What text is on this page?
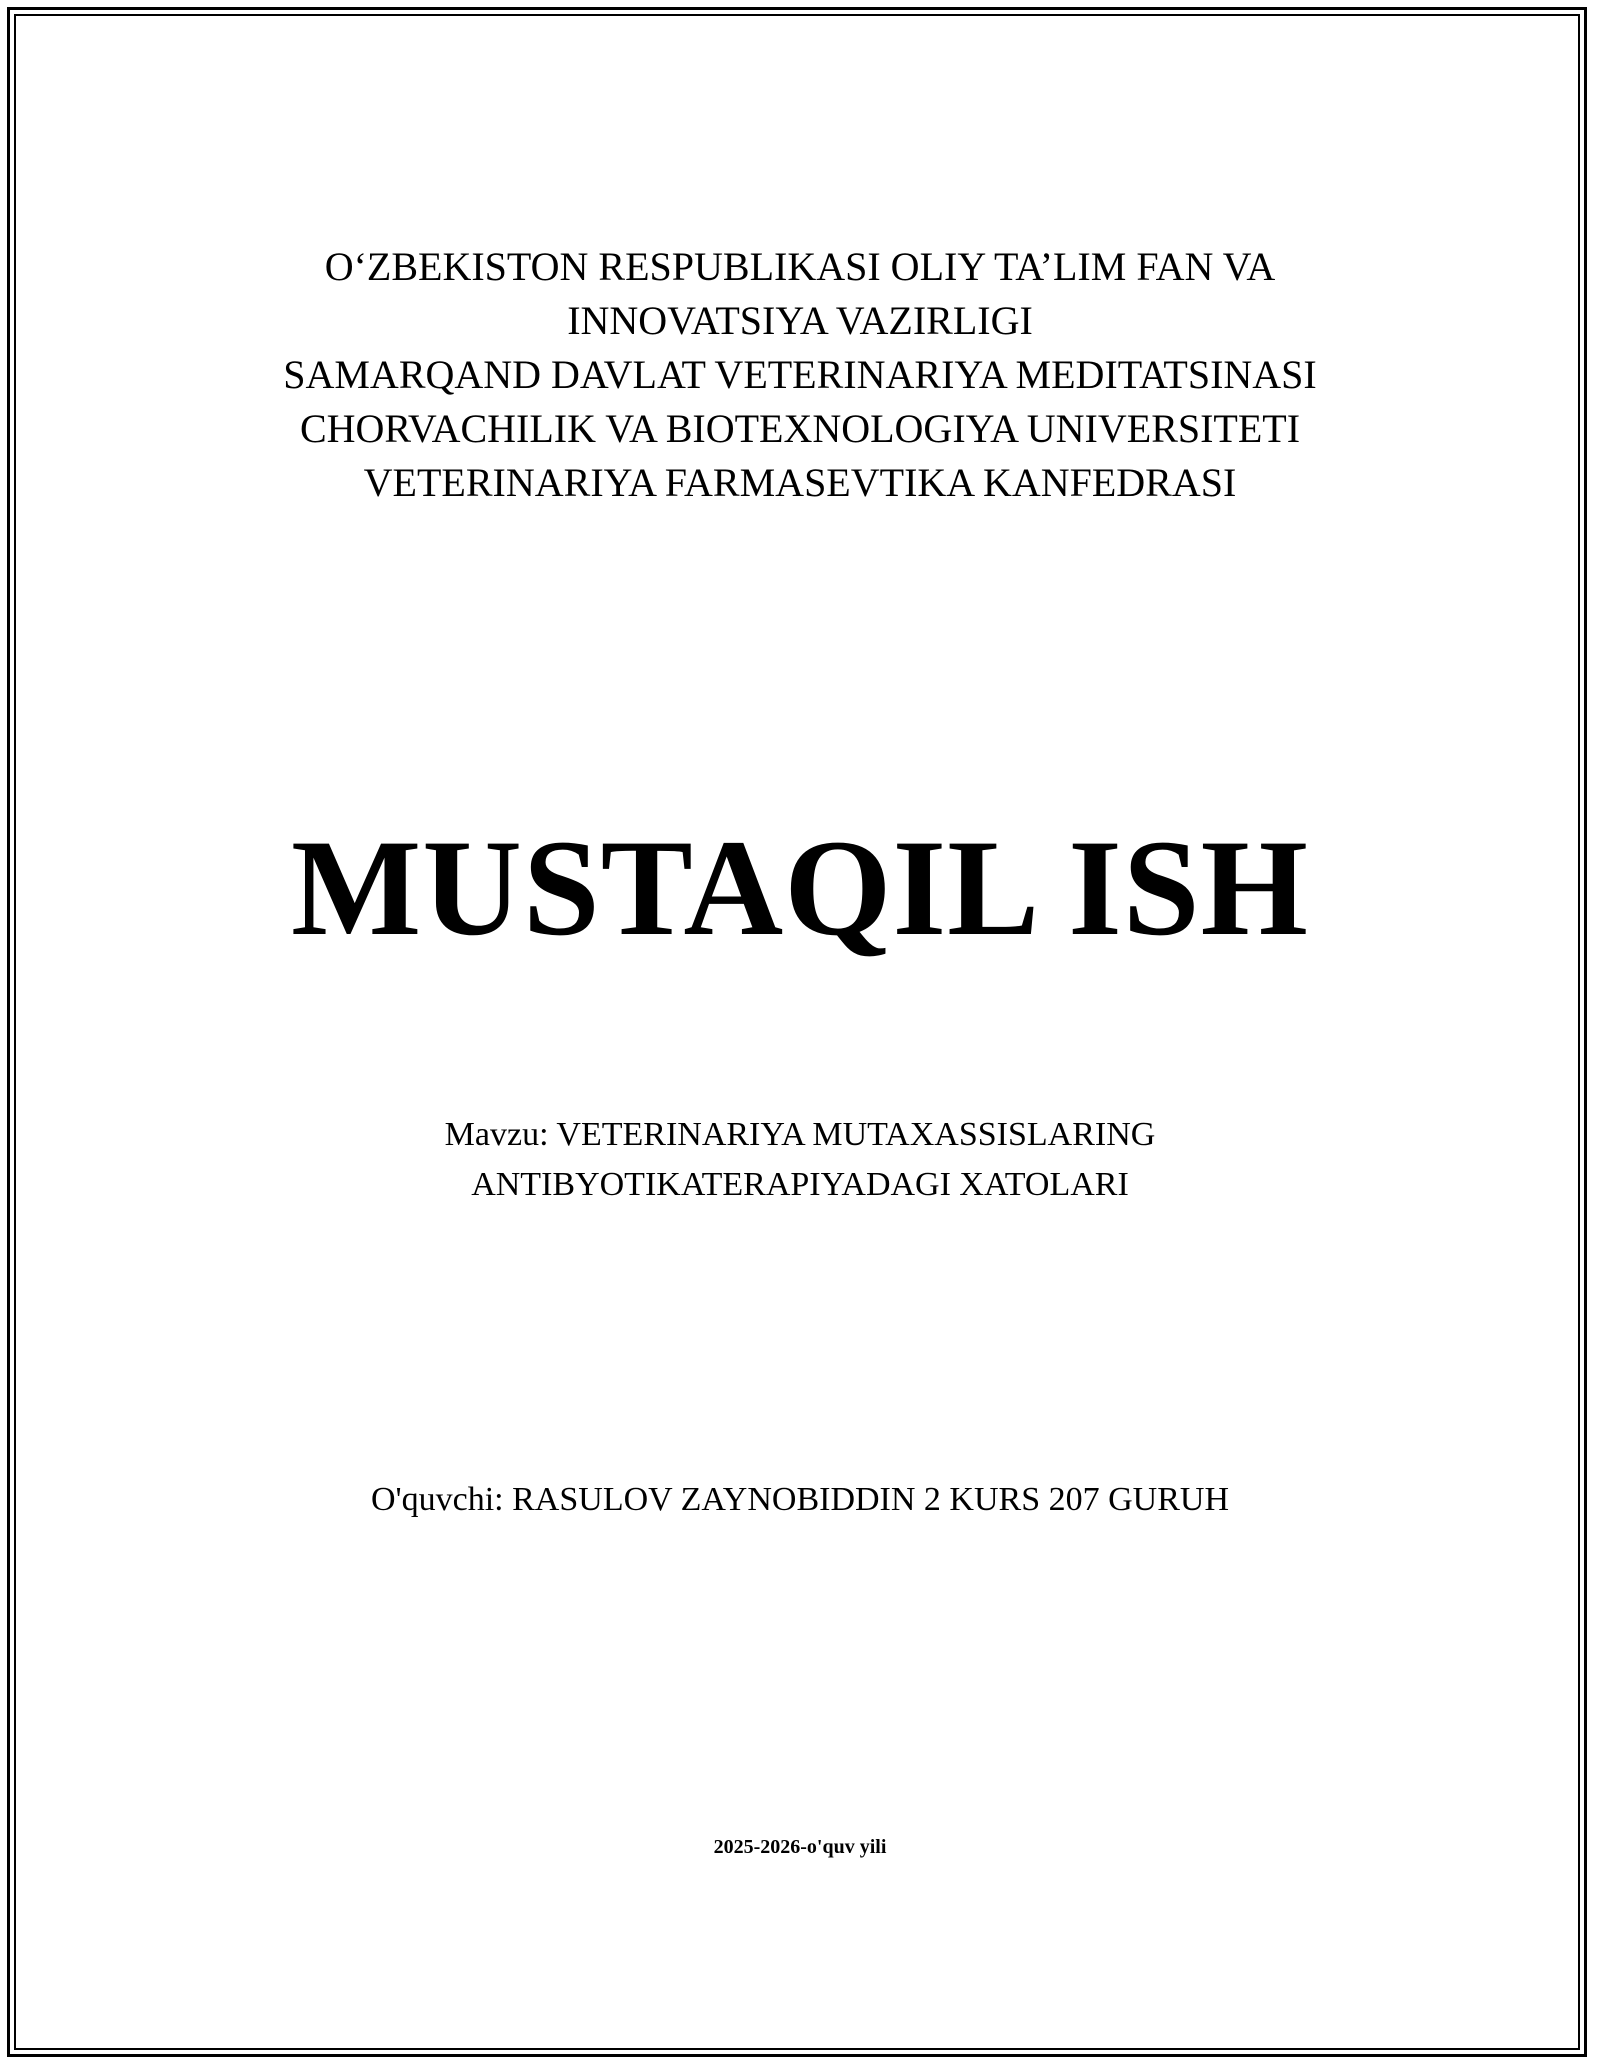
O‘ZBEKISTON RESPUBLIKASI OLIY TA’LIM FAN VA
INNOVATSIYA VAZIRLIGI
SAMARQAND DAVLAT VETERINARIYA MEDITATSINASI
CHORVACHILIK VA BIOTEXNOLOGIYA UNIVERSITETI
VETERINARIYA FARMASEVTIKA KANFEDRASI
MUSTAQIL ISH
Mavzu: VETERINARIYA MUTAXASSISLARING
ANTIBYOTIKATERAPIYADAGI XATOLARI
O'quvchi: RASULOV ZAYNOBIDDIN 2 KURS 207 GURUH
2025-2026-o'quv yili
